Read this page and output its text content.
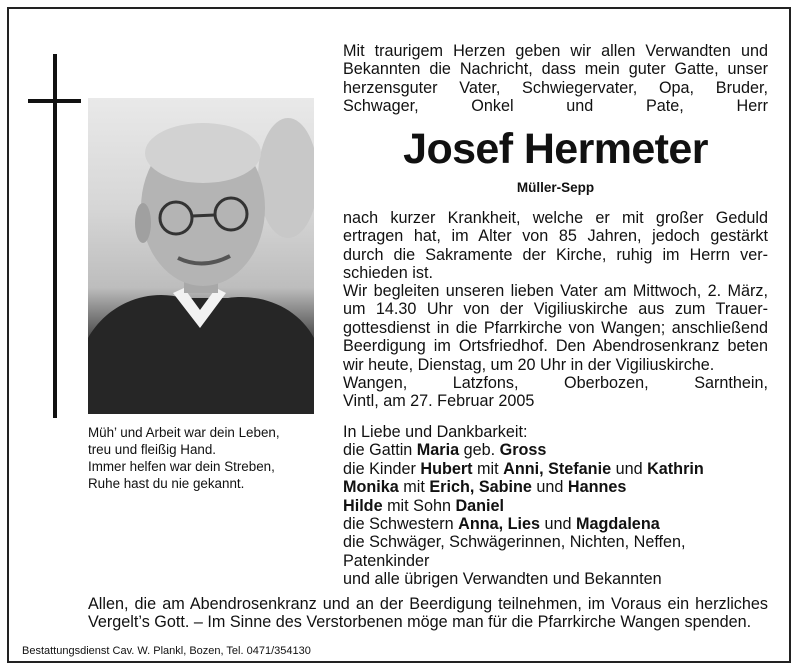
Müh’ und Arbeit war dein Leben,
treu und fleißig Hand.
Immer helfen war dein Streben,
Ruhe hast du nie gekannt.
Mit traurigem Herzen geben wir allen Verwandten und
Bekannten die Nachricht, dass mein guter Gatte, unser
herzensguter Vater, Schwiegervater, Opa, Bruder,
Schwager, Onkel und Pate, Herr
Josef Hermeter
Müller-Sepp
nach kurzer Krankheit, welche er mit großer Geduld
ertragen hat, im Alter von 85 Jahren, jedoch gestärkt
durch die Sakramente der Kirche, ruhig im Herrn ver-
schieden ist.
Wir begleiten unseren lieben Vater am Mittwoch, 2. März,
um 14.30 Uhr von der Vigiliuskirche aus zum Trauer-
gottesdienst in die Pfarrkirche von Wangen; anschließend
Beerdigung im Ortsfriedhof. Den Abendrosenkranz beten
wir heute, Dienstag, um 20 Uhr in der Vigiliuskirche.
Wangen, Latzfons, Oberbozen, Sarnthein,
Vintl, am 27. Februar 2005
In Liebe und Dankbarkeit:
die Gattin Maria geb. Gross
die Kinder Hubert mit Anni, Stefanie und Kathrin
Monika mit Erich, Sabine und Hannes
Hilde mit Sohn Daniel
die Schwestern Anna, Lies und Magdalena
die Schwäger, Schwägerinnen, Nichten, Neffen,
Patenkinder
und alle übrigen Verwandten und Bekannten
Allen, die am Abendrosenkranz und an der Beerdigung teilnehmen, im Voraus ein herzliches
Vergelt’s Gott. – Im Sinne des Verstorbenen möge man für die Pfarrkirche Wangen spenden.
Bestattungsdienst Cav. W. Plankl, Bozen, Tel. 0471/354130
